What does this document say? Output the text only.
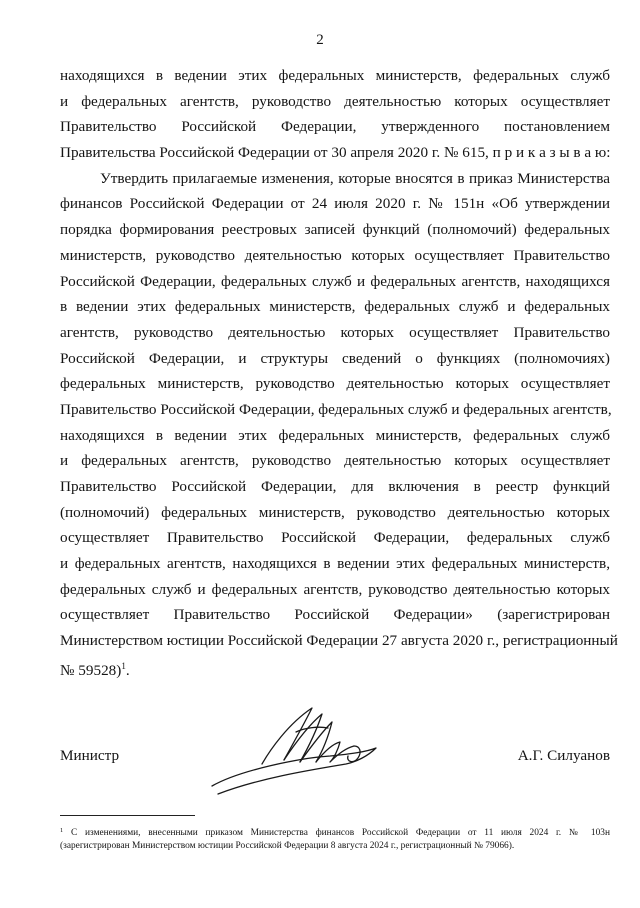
2
находящихся в ведении этих федеральных министерств, федеральных служб
и федеральных агентств, руководство деятельностью которых осуществляет
Правительство Российской Федерации, утвержденного постановлением
Правительства Российской Федерации от 30 апреля 2020 г. № 615, п р и к а з ы в а ю:
Утвердить прилагаемые изменения, которые вносятся в приказ Министерства
финансов Российской Федерации от 24 июля 2020 г. № 151н «Об утверждении
порядка формирования реестровых записей функций (полномочий) федеральных
министерств, руководство деятельностью которых осуществляет Правительство
Российской Федерации, федеральных служб и федеральных агентств, находящихся
в ведении этих федеральных министерств, федеральных служб и федеральных
агентств, руководство деятельностью которых осуществляет Правительство
Российской Федерации, и структуры сведений о функциях (полномочиях)
федеральных министерств, руководство деятельностью которых осуществляет
Правительство Российской Федерации, федеральных служб и федеральных агентств,
находящихся в ведении этих федеральных министерств, федеральных служб
и федеральных агентств, руководство деятельностью которых осуществляет
Правительство Российской Федерации, для включения в реестр функций
(полномочий) федеральных министерств, руководство деятельностью которых
осуществляет Правительство Российской Федерации, федеральных служб
и федеральных агентств, находящихся в ведении этих федеральных министерств,
федеральных служб и федеральных агентств, руководство деятельностью которых
осуществляет Правительство Российской Федерации» (зарегистрирован
Министерством юстиции Российской Федерации 27 августа 2020 г., регистрационный
№ 59528)$^1$.
Министр	А.Г. Силуанов
$^1$ С изменениями, внесенными приказом Министерства финансов Российской Федерации от 11 июля 2024 г. № 103н
(зарегистрирован Министерством юстиции Российской Федерации 8 августа 2024 г., регистрационный № 79066).
